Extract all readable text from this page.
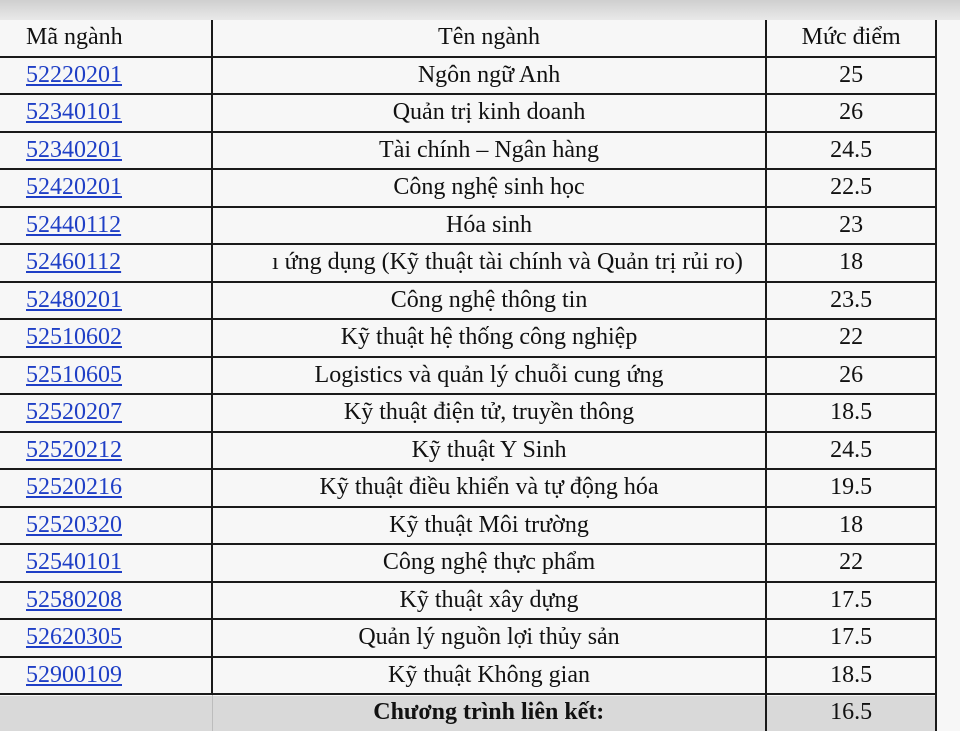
Mã ngành	Tên ngành	Mức điểm	
52220201	Ngôn ngữ Anh	25	
52340101	Quản trị kinh doanh	26	
52340201	Tài chính – Ngân hàng	24.5	
52420201	Công nghệ sinh học	22.5	
52440112	Hóa sinh	23	
52460112	ı ứng dụng (Kỹ thuật tài chính và Quản trị rủi ro)	18	
52480201	Công nghệ thông tin	23.5	
52510602	Kỹ thuật hệ thống công nghiệp	22	
52510605	Logistics và quản lý chuỗi cung ứng	26	
52520207	Kỹ thuật điện tử, truyền thông	18.5	
52520212	Kỹ thuật Y Sinh	24.5	
52520216	Kỹ thuật điều khiển và tự động hóa	19.5	
52520320	Kỹ thuật Môi trường	18	
52540101	Công nghệ thực phẩm	22	
52580208	Kỹ thuật xây dựng	17.5	
52620305	Quản lý nguồn lợi thủy sản	17.5	
52900109	Kỹ thuật Không gian	18.5	
	Chương trình liên kết:	16.5	
